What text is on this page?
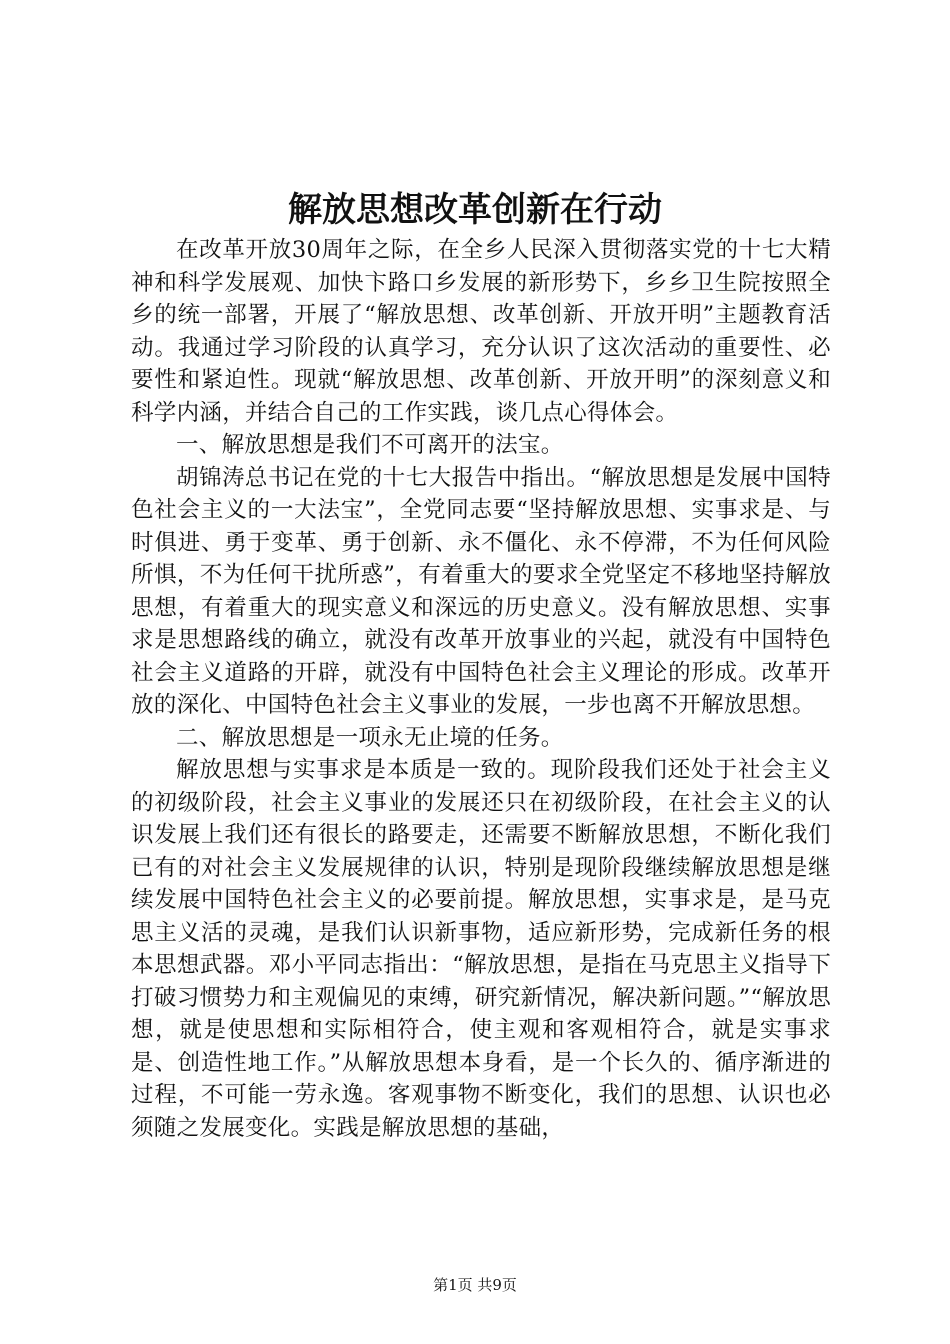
解放思想改革创新在行动

在改革开放30周年之际，在全乡人民深入贯彻落实党的十七大精神和科学发展观、加快卞路口乡发展的新形势下，乡乡卫生院按照全乡的统一部署，开展了“解放思想、改革创新、开放开明”主题教育活动。我通过学习阶段的认真学习，充分认识了这次活动的重要性、必要性和紧迫性。现就“解放思想、改革创新、开放开明”的深刻意义和科学内涵，并结合自己的工作实践，谈几点心得体会。

一、解放思想是我们不可离开的法宝。

胡锦涛总书记在党的十七大报告中指出。“解放思想是发展中国特色社会主义的一大法宝”，全党同志要“坚持解放思想、实事求是、与时俱进、勇于变革、勇于创新、永不僵化、永不停滞，不为任何风险所惧，不为任何干扰所惑”，有着重大的要求全党坚定不移地坚持解放思想，有着重大的现实意义和深远的历史意义。没有解放思想、实事求是思想路线的确立，就没有改革开放事业的兴起，就没有中国特色社会主义道路的开辟，就没有中国特色社会主义理论的形成。改革开放的深化、中国特色社会主义事业的发展，一步也离不开解放思想。

二、解放思想是一项永无止境的任务。

解放思想与实事求是本质是一致的。现阶段我们还处于社会主义的初级阶段，社会主义事业的发展还只在初级阶段，在社会主义的认识发展上我们还有很长的路要走，还需要不断解放思想，不断化我们已有的对社会主义发展规律的认识，特别是现阶段继续解放思想是继续发展中国特色社会主义的必要前提。解放思想，实事求是，是马克思主义活的灵魂，是我们认识新事物，适应新形势，完成新任务的根本思想武器。邓小平同志指出：“解放思想，是指在马克思主义指导下打破习惯势力和主观偏见的束缚，研究新情况，解决新问题。”“解放思想，就是使思想和实际相符合，使主观和客观相符合，就是实事求是、创造性地工作。”从解放思想本身看，是一个长久的、循序渐进的过程，不可能一劳永逸。客观事物不断变化，我们的思想、认识也必须随之发展变化。实践是解放思想的基础，

第1页 共9页
